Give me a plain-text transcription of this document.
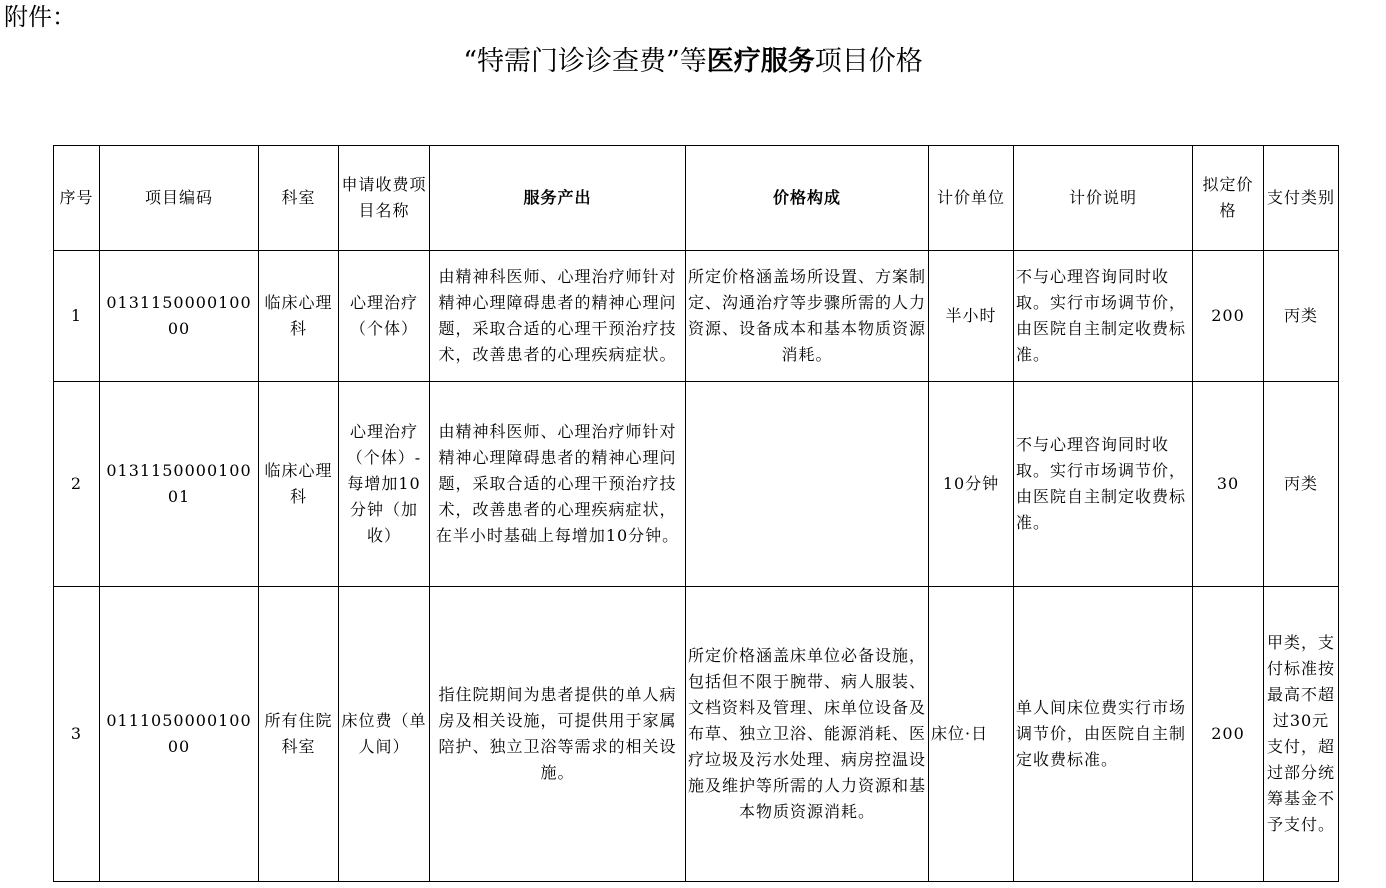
附件：
“特需门诊诊查费”等医疗服务项目价格
序号	项目编码	科室	申请收费项目名称	服务产出	价格构成	计价单位	计价说明	拟定价格	支付类别
1	013115000010000	临床心理科	心理治疗（个体）	由精神科医师、心理治疗师针对精神心理障碍患者的精神心理问题，采取合适的心理干预治疗技术，改善患者的心理疾病症状。	所定价格涵盖场所设置、方案制定、沟通治疗等步骤所需的人力资源、设备成本和基本物质资源消耗。	半小时	不与心理咨询同时收取。实行市场调节价，由医院自主制定收费标准。	200	丙类
2	013115000010001	临床心理科	心理治疗（个体）-每增加10分钟（加收）	由精神科医师、心理治疗师针对精神心理障碍患者的精神心理问题，采取合适的心理干预治疗技术，改善患者的心理疾病症状，在半小时基础上每增加10分钟。		10分钟	不与心理咨询同时收取。实行市场调节价，由医院自主制定收费标准。	30	丙类
3	011105000010000	所有住院科室	床位费（单人间）	指住院期间为患者提供的单人病房及相关设施，可提供用于家属陪护、独立卫浴等需求的相关设施。	所定价格涵盖床单位必备设施，包括但不限于腕带、病人服装、文档资料及管理、床单位设备及布草、独立卫浴、能源消耗、医疗垃圾及污水处理、病房控温设施及维护等所需的人力资源和基本物质资源消耗。	床位·日	单人间床位费实行市场调节价，由医院自主制定收费标准。	200	甲类，支付标准按最高不超过30元支付，超过部分统筹基金不予支付。
